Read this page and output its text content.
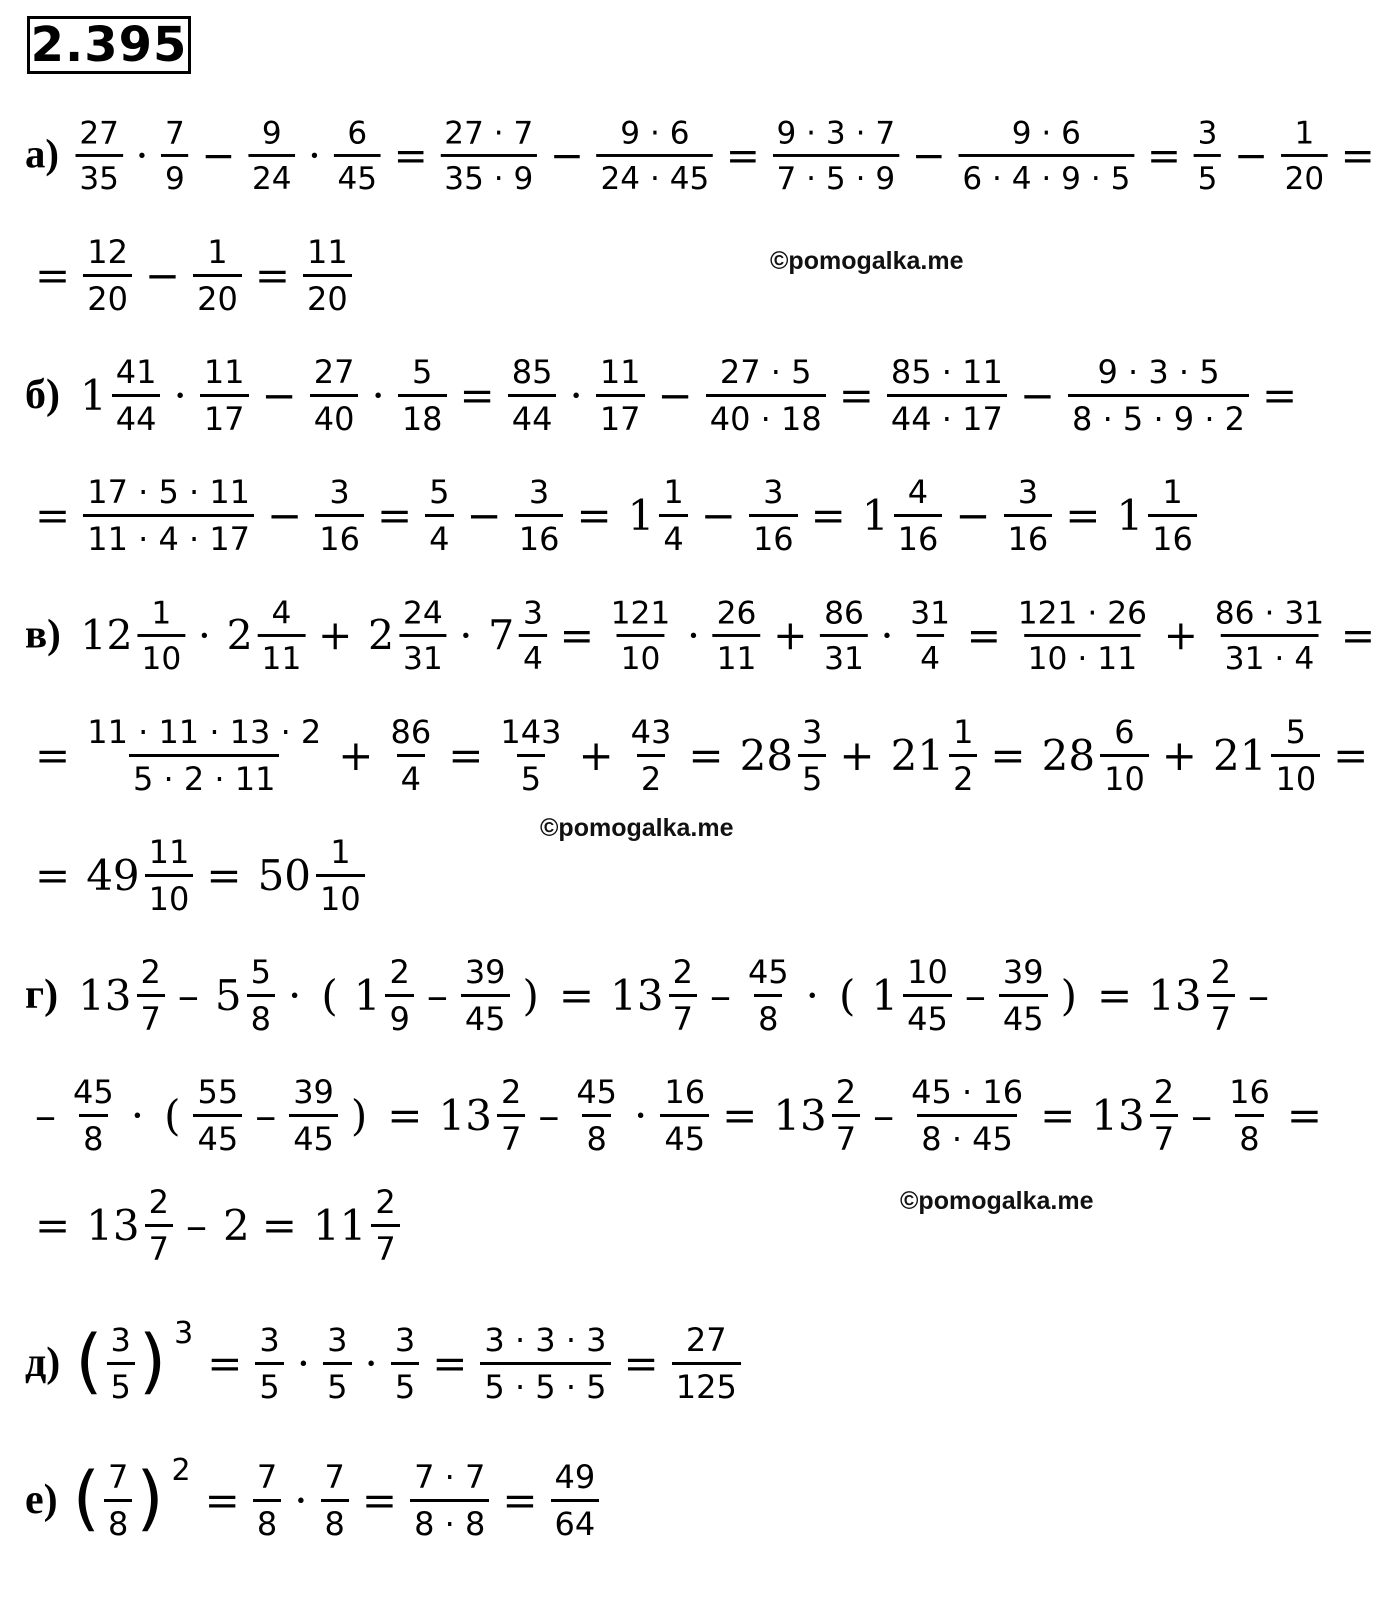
2.395
$а) \frac{27}{35} \cdot \frac{7}{9} - \frac{9}{24} \cdot \frac{6}{45} = \frac{27 \cdot 7}{35 \cdot 9} - \frac{9 \cdot 6}{24 \cdot 45} = \frac{9 \cdot 3 \cdot 7}{7 \cdot 5 \cdot 9} - \frac{9 \cdot 6}{6 \cdot 4 \cdot 9 \cdot 5} = \frac{3}{5} - \frac{1}{20}$ =
= $\frac{12}{20} - \frac{1}{20} = \frac{11}{20}$
б) $1 \frac{41}{44} \cdot \frac{11}{17} - \frac{27}{40} \cdot \frac{5}{18} = \frac{85}{44} \cdot \frac{11}{17} - \frac{27 \cdot 5}{40 \cdot 18} = \frac{85 \cdot 11}{44 \cdot 17} - \frac{9 \cdot 3 \cdot 5}{8 \cdot 5 \cdot 9 \cdot 2}$ =
= $\frac{17 \cdot 5 \cdot 11}{11 \cdot 4 \cdot 17} - \frac{3}{16} = \frac{5}{4} - \frac{3}{16} = 1 \frac{1}{4} - \frac{3}{16} = 1 \frac{4}{16} - \frac{3}{16} = 1 \frac{1}{16}$
в) $12 \frac{1}{10} \cdot 2 \frac{4}{11} + 2 \frac{24}{31} \cdot 7 \frac{3}{4} = \frac{121}{10} \cdot \frac{26}{11} + \frac{86}{31} \cdot \frac{31}{4} = \frac{121 \cdot 26}{10 \cdot 11} + \frac{86 \cdot 31}{31 \cdot 4}$ =
= $\frac{11 \cdot 11 \cdot 13 \cdot 2}{5 \cdot 2 \cdot 11} + \frac{86}{4} = \frac{143}{5} + \frac{43}{2} = 28 \frac{3}{5} + 21 \frac{1}{2} = 28 \frac{6}{10} + 21 \frac{5}{10}$ =
= $49 \frac{11}{10} = 50 \frac{1}{10}$
г) $13 \frac{2}{7} - 5 \frac{5}{8}$ · ( $1 \frac{2}{9} - \frac{39}{45}$ ) = $13 \frac{2}{7} - \frac{45}{8}$ · ( $1 \frac{10}{45} - \frac{39}{45}$ ) = $13 \frac{2}{7}$ –
– $\frac{45}{8}$ · ( $\frac{55}{45} - \frac{39}{45}$ ) = $13 \frac{2}{7} - \frac{45}{8} \cdot \frac{16}{45} = 13 \frac{2}{7} - \frac{45 \cdot 16}{8 \cdot 45} = 13 \frac{2}{7} - \frac{16}{8}$ =
= $13 \frac{2}{7} - 2 = 11 \frac{2}{7}$
д) ( $\frac{3}{5}$ ) 3
= $\frac{3}{5} \cdot \frac{3}{5} \cdot \frac{3}{5} = \frac{3 \cdot 3 \cdot 3}{5 \cdot 5 \cdot 5} = \frac{27}{125}$
е) ( $\frac{7}{8}$ ) 2
= $\frac{7}{8} \cdot \frac{7}{8} = \frac{7 \cdot 7}{8 \cdot 8} = \frac{49}{64}$
©pomogalka.me
©pomogalka.me
©pomogalka.me
